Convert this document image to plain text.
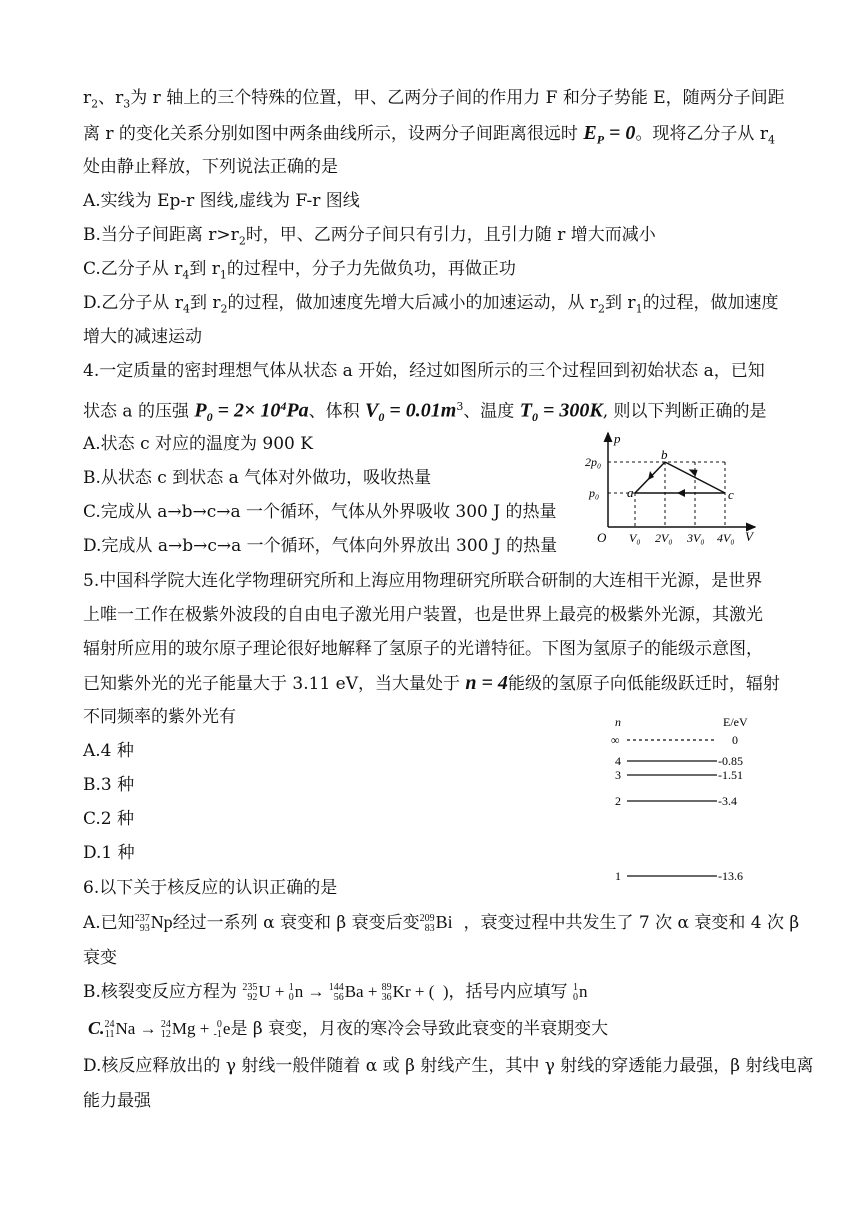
$r_2$、$r_3$为 r 轴上的三个特殊的位置，甲、乙两分子间的作用力 F 和分子势能 E，随两分子间距
离 r 的变化关系分别如图中两条曲线所示，设两分子间距离很远时 $E_P = 0$。现将乙分子从 $r_4$
处由静止释放，下列说法正确的是
A.实线为 Ep-r 图线,虚线为 F-r 图线
B.当分子间距离 $r>r_2$时，甲、乙两分子间只有引力，且引力随 r 增大而减小
C.乙分子从 $r_4$到 $r_1$的过程中，分子力先做负功，再做正功
D.乙分子从 $r_4$到 $r_2$的过程，做加速度先增大后减小的加速运动，从 $r_2$到 $r_1$的过程，做加速度
增大的减速运动
4.一定质量的密封理想气体从状态 a 开始，经过如图所示的三个过程回到初始状态 a，已知
状态 a 的压强 $P_0 = 2\times 10^4Pa$、体积 $V_0 = 0.01m^3$、温度 $T_0 = 300K$, 则以下判断正确的是
A.状态 c 对应的温度为 900 K
B.从状态 c 到状态 a 气体对外做功，吸收热量
C.完成从 a→b→c→a 一个循环，气体从外界吸收 300 J 的热量
D.完成从 a→b→c→a 一个循环，气体向外界放出 300 J 的热量
p
V
O
2p₀
p₀
V₀ 2V₀ 3V₀ 4V₀
a
b
c
5.中国科学院大连化学物理研究所和上海应用物理研究所联合研制的大连相干光源，是世界
上唯一工作在极紫外波段的自由电子激光用户装置，也是世界上最亮的极紫外光源，其激光
辐射所应用的玻尔原子理论很好地解释了氢原子的光谱特征。下图为氢原子的能级示意图，
已知紫外光的光子能量大于 3.11 eV，当大量处于 n = 4能级的氢原子向低能级跃迁时，辐射
不同频率的紫外光有
A.4 种
B.3 种
C.2 种
D.1 种
n	E/eV
∞	0
4	-0.85
3	-1.51
2	-3.4
1	-13.6
6.以下关于核反应的认识正确的是
A.已知 237
93 Np经过一系列 α 衰变和 β 衰变后变 209
83 Bi ，衰变过程中共发生了 7 次 α 衰变和 4 次 β
衰变
B.核裂变反应方程为 235
92 U + 1
0 n → 144
56 Ba + 89
36 Kr + (  )，括号内应填写 1
0 n
C. 24
11 Na → 24
12 Mg + 0
-1 e是 β 衰变，月夜的寒冷会导致此衰变的半衰期变大
D.核反应释放出的 γ 射线一般伴随着 α 或 β 射线产生，其中 γ 射线的穿透能力最强，β 射线电离
能力最强
